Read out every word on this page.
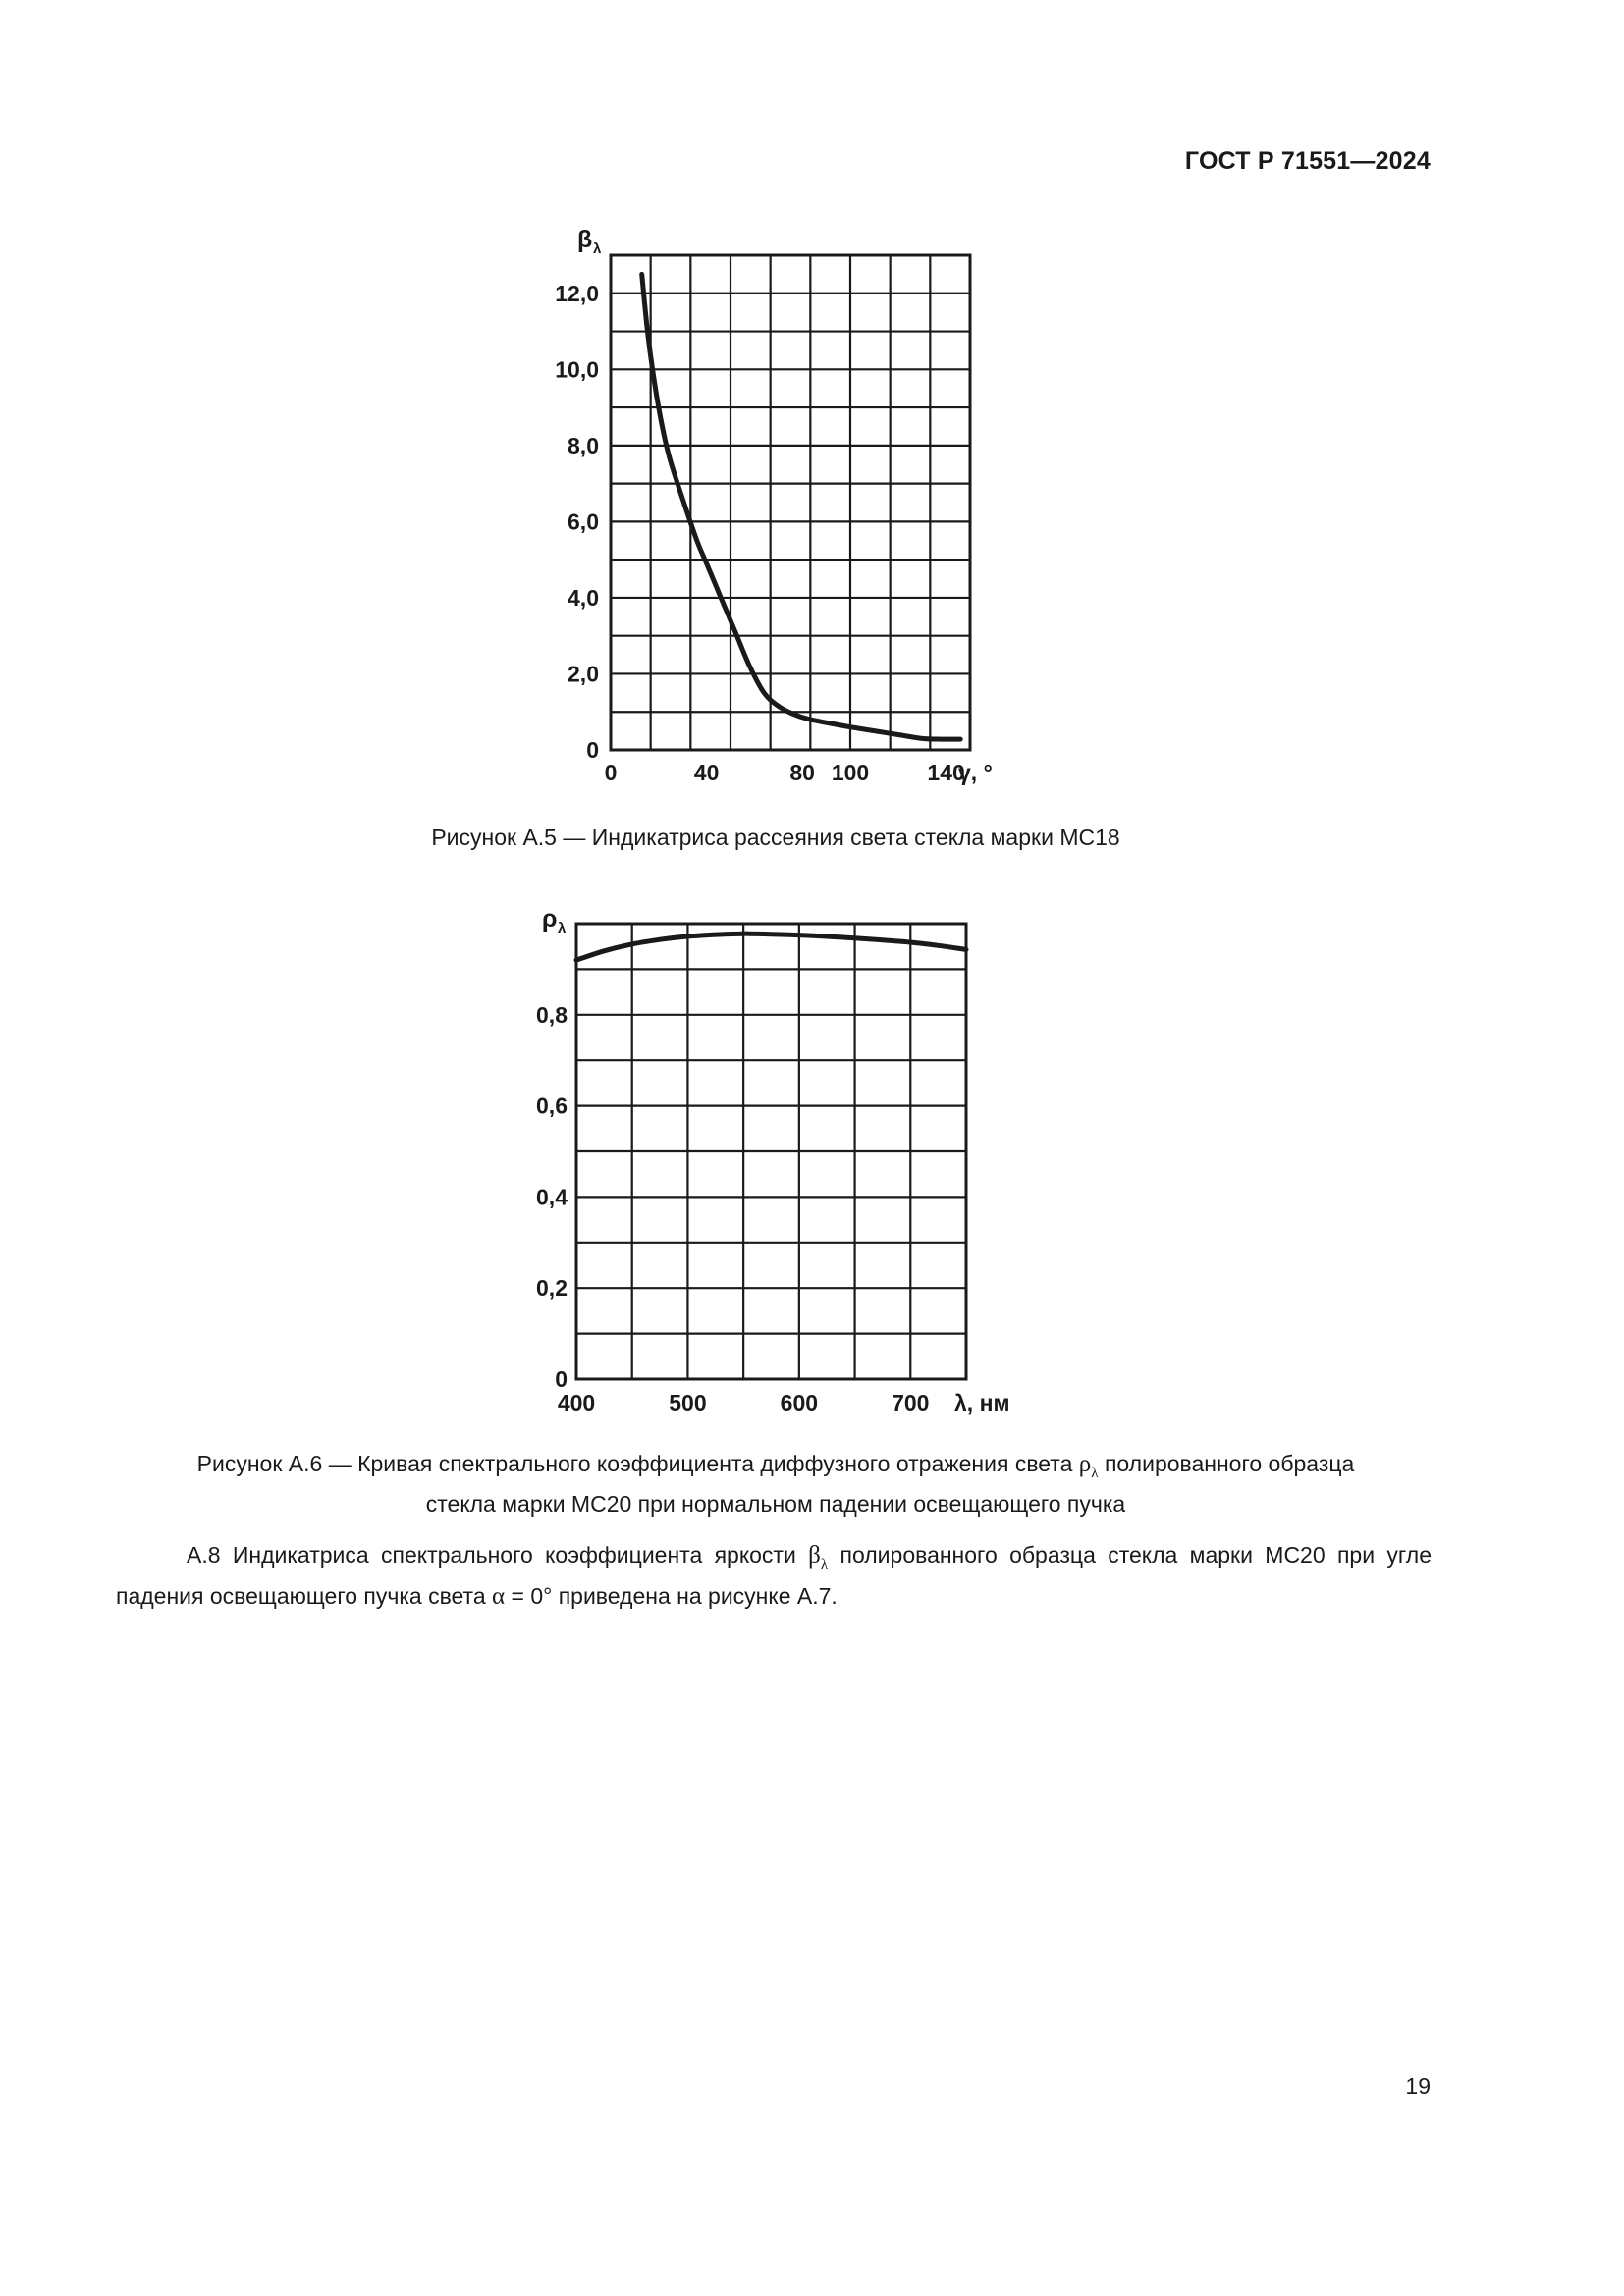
ГОСТ Р 71551—2024
12,0
10,0
8,0
6,0
4,0
2,0
0
0	40	80 100	140
β λ
γ, °
Рисунок А.5 — Индикатриса рассеяния света стекла марки МС18
0,8
0,6
0,4
0,2
0
400	500	600	700
ρ λ
λ, нм
Рисунок А.6 — Кривая спектрального коэффициента диффузного отражения света $\rho_\lambda$ полированного образца
стекла марки МС20 при нормальном падении освещающего пучка
А.8 Индикатриса спектрального коэффициента яркости $\beta_\lambda$ полированного образца стекла марки МС20 при угле падения освещающего пучка света α = 0° приведена на рисунке А.7.
19
